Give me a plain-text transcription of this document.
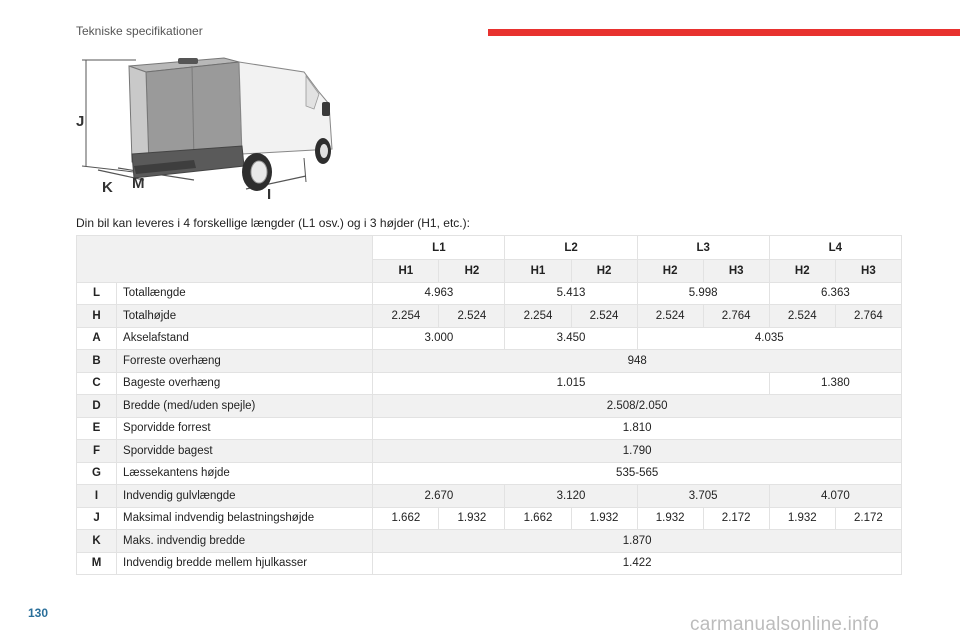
Tekniske specifikationer
J
K M
I
Din bil kan leveres i 4 forskellige længder (L1 osv.) og i 3 højder (H1, etc.):
		L1		L2		L3		L4	
		H1	H2	H1	H2	H2	H3	H2	H3
L	Totallængde	4.963		5.413		5.998		6.363	
H	Totalhøjde	2.254	2.524	2.254	2.524	2.524	2.764	2.524	2.764
A	Akselafstand	3.000		3.450		4.035			
B	Forreste overhæng	948							
C	Bageste overhæng	1.015						1.380	
D	Bredde (med/uden spejle)	2.508/2.050							
E	Sporvidde forrest	1.810							
F	Sporvidde bagest	1.790							
G	Læssekantens højde	535-565							
I	Indvendig gulvlængde	2.670		3.120		3.705		4.070	
J	Maksimal indvendig belastningshøjde	1.662	1.932	1.662	1.932	1.932	2.172	1.932	2.172
K	Maks. indvendig bredde	1.870							
M	Indvendig bredde mellem hjulkasser	1.422							
130
carmanualsonline.info
